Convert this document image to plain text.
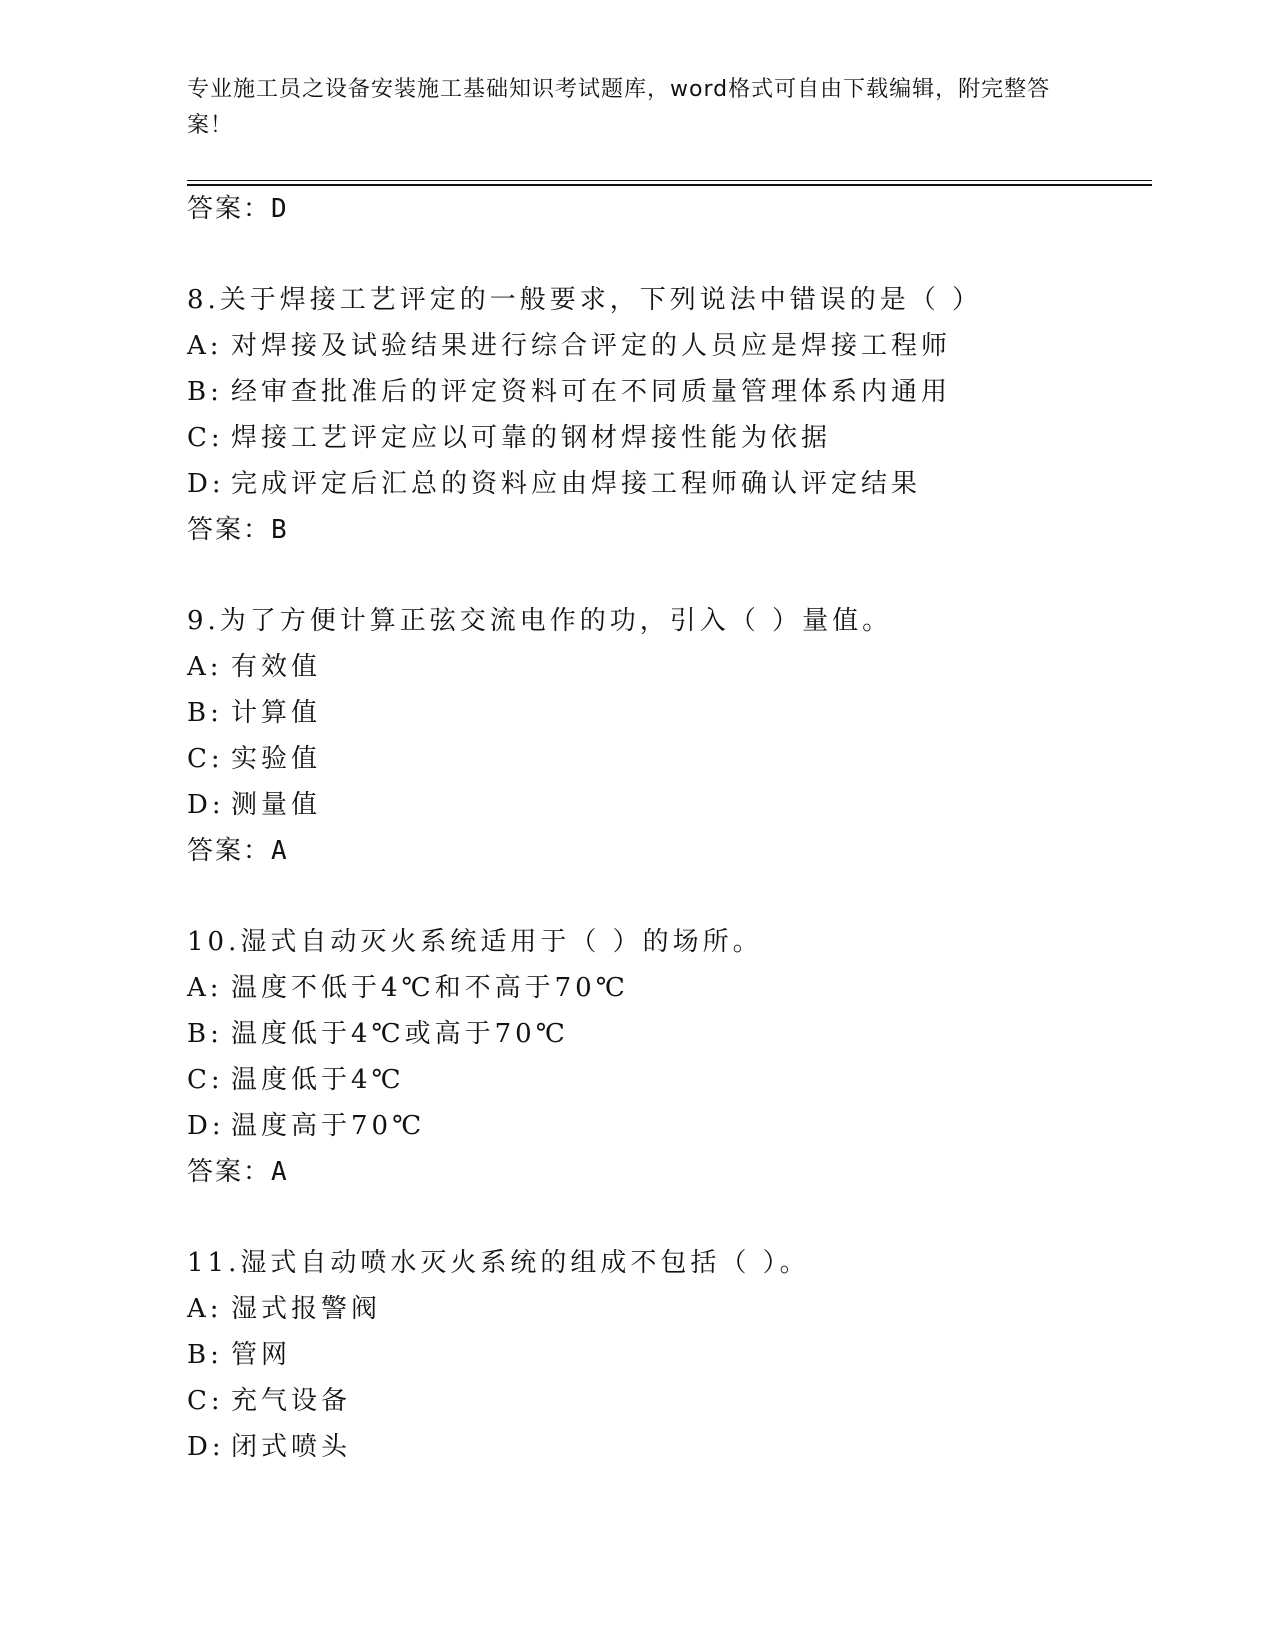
专业施工员之设备安装施工基础知识考试题库，word格式可自由下载编辑，附完整答案！

答案：D

8.关于焊接工艺评定的一般要求，下列说法中错误的是（ ）

A: 对焊接及试验结果进行综合评定的人员应是焊接工程师

B: 经审查批准后的评定资料可在不同质量管理体系内通用

C: 焊接工艺评定应以可靠的钢材焊接性能为依据

D: 完成评定后汇总的资料应由焊接工程师确认评定结果

答案：B

9.为了方便计算正弦交流电作的功，引入（ ）量值。

A: 有效值

B: 计算值

C: 实验值

D: 测量值

答案：A

10.湿式自动灭火系统适用于（ ）的场所。

A: 温度不低于4℃和不高于70℃

B: 温度低于4℃或高于70℃

C: 温度低于4℃

D: 温度高于70℃

答案：A

11.湿式自动喷水灭火系统的组成不包括（ ）。

A: 湿式报警阀

B: 管网

C: 充气设备

D: 闭式喷头
